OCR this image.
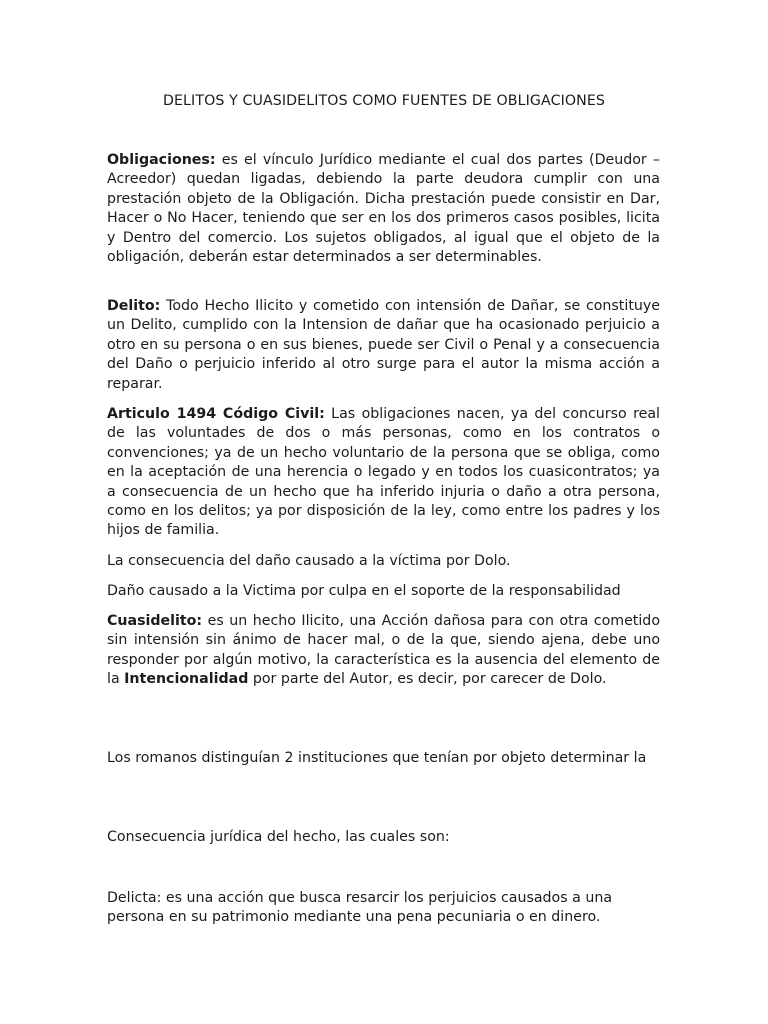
DELITOS Y CUASIDELITOS COMO FUENTES DE OBLIGACIONES

Obligaciones: es el vínculo Jurídico mediante el cual dos partes (Deudor – Acreedor) quedan ligadas, debiendo la parte deudora cumplir con una prestación objeto de la Obligación. Dicha prestación puede consistir en Dar, Hacer o No Hacer, teniendo que ser en los dos primeros casos posibles, licita y Dentro del comercio. Los sujetos obligados, al igual que el objeto de la obligación, deberán estar determinados a ser determinables.

Delito: Todo Hecho Ilicito y cometido con intensión de Dañar, se constituye un Delito, cumplido con la Intension de dañar que ha ocasionado perjuicio a otro en su persona o en sus bienes, puede ser Civil o Penal y a consecuencia del Daño o perjuicio inferido al otro surge para el autor la misma acción a reparar.

Articulo 1494 Código Civil: Las obligaciones nacen, ya del concurso real de las voluntades de dos o más personas, como en los contratos o convenciones; ya de un hecho voluntario de la persona que se obliga, como en la aceptación de una herencia o legado y en todos los cuasicontratos; ya a consecuencia de un hecho que ha inferido injuria o daño a otra persona, como en los delitos; ya por disposición de la ley, como entre los padres y los hijos de familia.

La consecuencia del daño causado a la víctima por Dolo.

Daño causado a la Victima por culpa en el soporte de la responsabilidad

Cuasidelito: es un hecho Ilicito, una Acción dañosa para con otra cometido sin intensión sin ánimo de hacer mal, o de la que, siendo ajena, debe uno responder por algún motivo, la característica es la ausencia del elemento de la Intencionalidad por parte del Autor, es decir, por carecer de Dolo.

Los romanos distinguían 2 instituciones que tenían por objeto determinar la

Consecuencia jurídica del hecho, las cuales son:

Delicta: es una acción que busca resarcir los perjuicios causados a una persona en su patrimonio mediante una pena pecuniaria o en dinero.
